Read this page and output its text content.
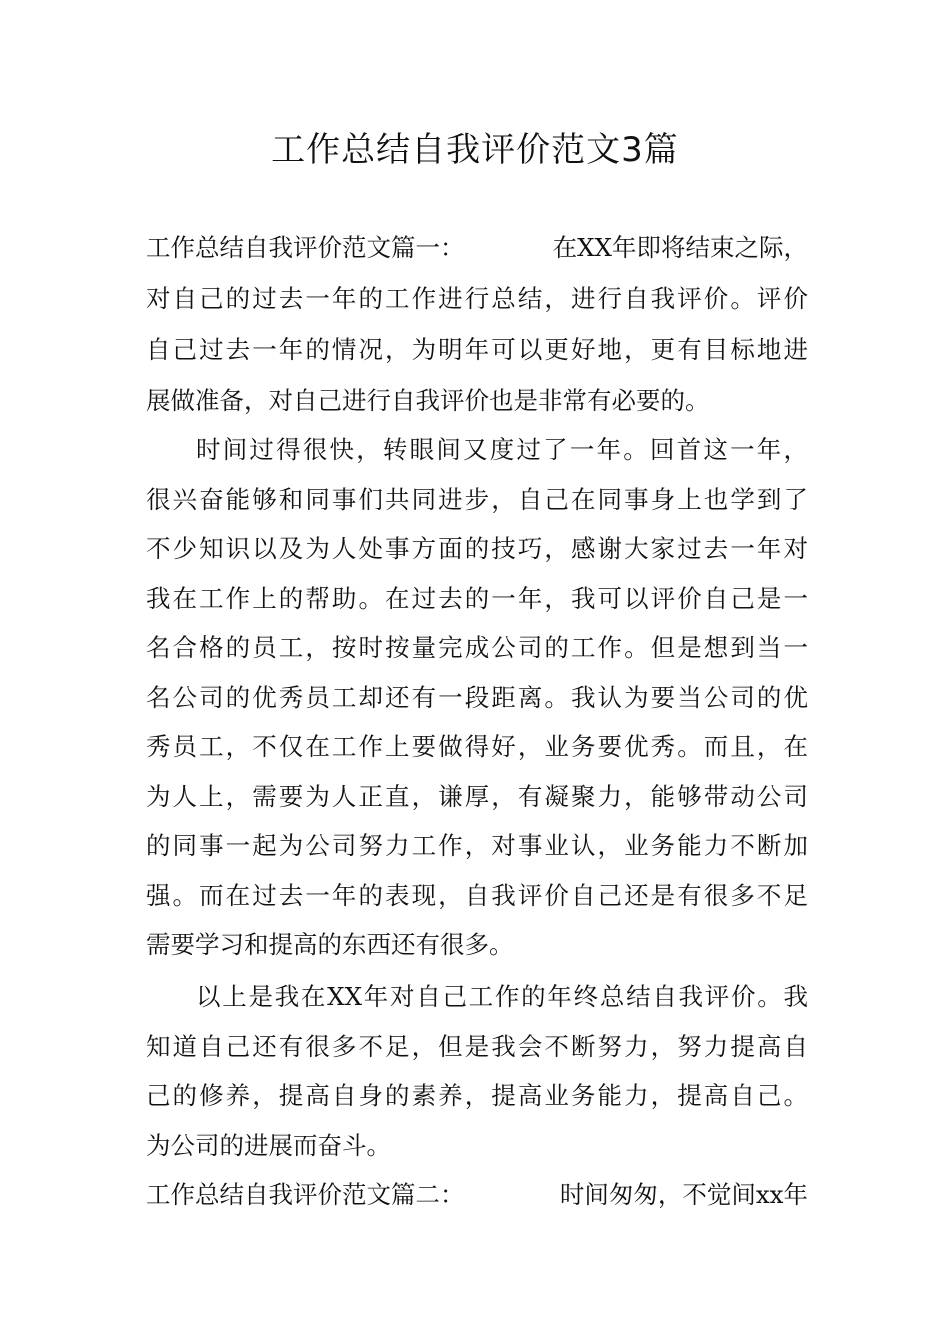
工作总结自我评价范文3篇
工作总结自我评价范文篇一：	在XX年即将结束之际，
对自己的过去一年的工作进行总结，进行自我评价。评价
自己过去一年的情况，为明年可以更好地，更有目标地进
展做准备，对自己进行自我评价也是非常有必要的。
时间过得很快，转眼间又度过了一年。回首这一年，
很兴奋能够和同事们共同进步，自己在同事身上也学到了
不少知识以及为人处事方面的技巧，感谢大家过去一年对
我在工作上的帮助。在过去的一年，我可以评价自己是一
名合格的员工，按时按量完成公司的工作。但是想到当一
名公司的优秀员工却还有一段距离。我认为要当公司的优
秀员工，不仅在工作上要做得好，业务要优秀。而且，在
为人上，需要为人正直，谦厚，有凝聚力，能够带动公司
的同事一起为公司努力工作，对事业认，业务能力不断加
强。而在过去一年的表现，自我评价自己还是有很多不足
需要学习和提高的东西还有很多。
以上是我在XX年对自己工作的年终总结自我评价。我
知道自己还有很多不足，但是我会不断努力，努力提高自
己的修养，提高自身的素养，提高业务能力，提高自己。
为公司的进展而奋斗。
工作总结自我评价范文篇二：	时间匆匆，不觉间xx年
